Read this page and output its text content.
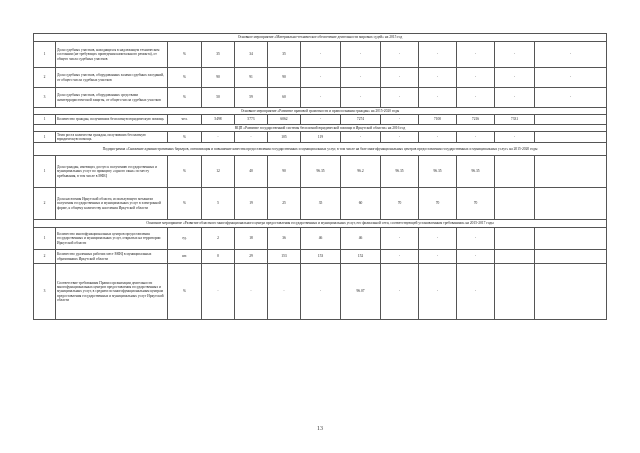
Основное мероприятие «Материально-техническое обеспечение деятельности мировых судей» на 2015 год												
1	Доля судебных участков, находящихся в надлежащем техническом состоянии (не требующих проведения капитального ремонта), от общего числа судебных участков	%	35	34	35	-	-	-	-	-	-	-
2	Доля судебных участков, оборудованных залами судебных заседаний, от общего числа судебных участков	%	90	91	90	-	-	-	-	-	-	-
3	Доля судебных участков, оборудованных средствами антитеррористической защиты, от общего числа судебных участков	%	50	59	60	-	-	-	-	-	-	-
Основное мероприятие «Развитие правовой грамотности и правосознания граждан» на 2015-2020 годы												
1	Количество граждан, получивших бесплатную юридическую помощь	чел.	5498	5773	6062	-	7274	-	7100	7216	7331	
ВЦП «Развитие государственной системы бесплатной юридической помощи в Иркутской области» на 2016 год												
1	Темп роста количества граждан, получивших бесплатную юридическую помощь	%	-	-	105	119	-	-	-	-	-	
Подпрограмма «Снижение административных барьеров, оптимизация и повышение качества предоставления государственных и муниципальных услуг, в том числе на базе многофункциональных центров предоставления государственных и муниципальных услуг» на 2015-2020 годы												
1	Доля граждан, имеющих доступ к получению государственных и муниципальных услуг по принципу «одного окна» по месту пребывания, в том числе в МФЦ	%	12	40	90	96.35	96.2	96.35	96.35	96.35		
2	Доля населения Иркутской области, использующего механизм получения государственных и муниципальных услуг в электронной форме, к общему количеству населения Иркутской области	%	5	19	25	35	60	70	70	70		
Основное мероприятие «Развитие областного многофункционального центра предоставления государственных и муниципальных услуг, его филиальной сети, соответствующей установленным требованиям» на 2015-2017 годы												
1	Количество многофункциональных центров предоставления государственных и муниципальных услуг, открытых на территории Иркутской области	ед.	2	18	36	46	46	-	-	-		
2	Количество удаленных рабочих мест МФЦ в муниципальных образованиях Иркутской области	шт.	0	29	153	153	152	-	-	-		
3	Соответствие требованиям Правил организации деятельности многофункциональных центров предоставления государственных и муниципальных услуг, в среднем по многофункциональным центрам предоставления государственных и муниципальных услуг Иркутской области	%	-	-	-	-	96.07	-	-	-		
13
